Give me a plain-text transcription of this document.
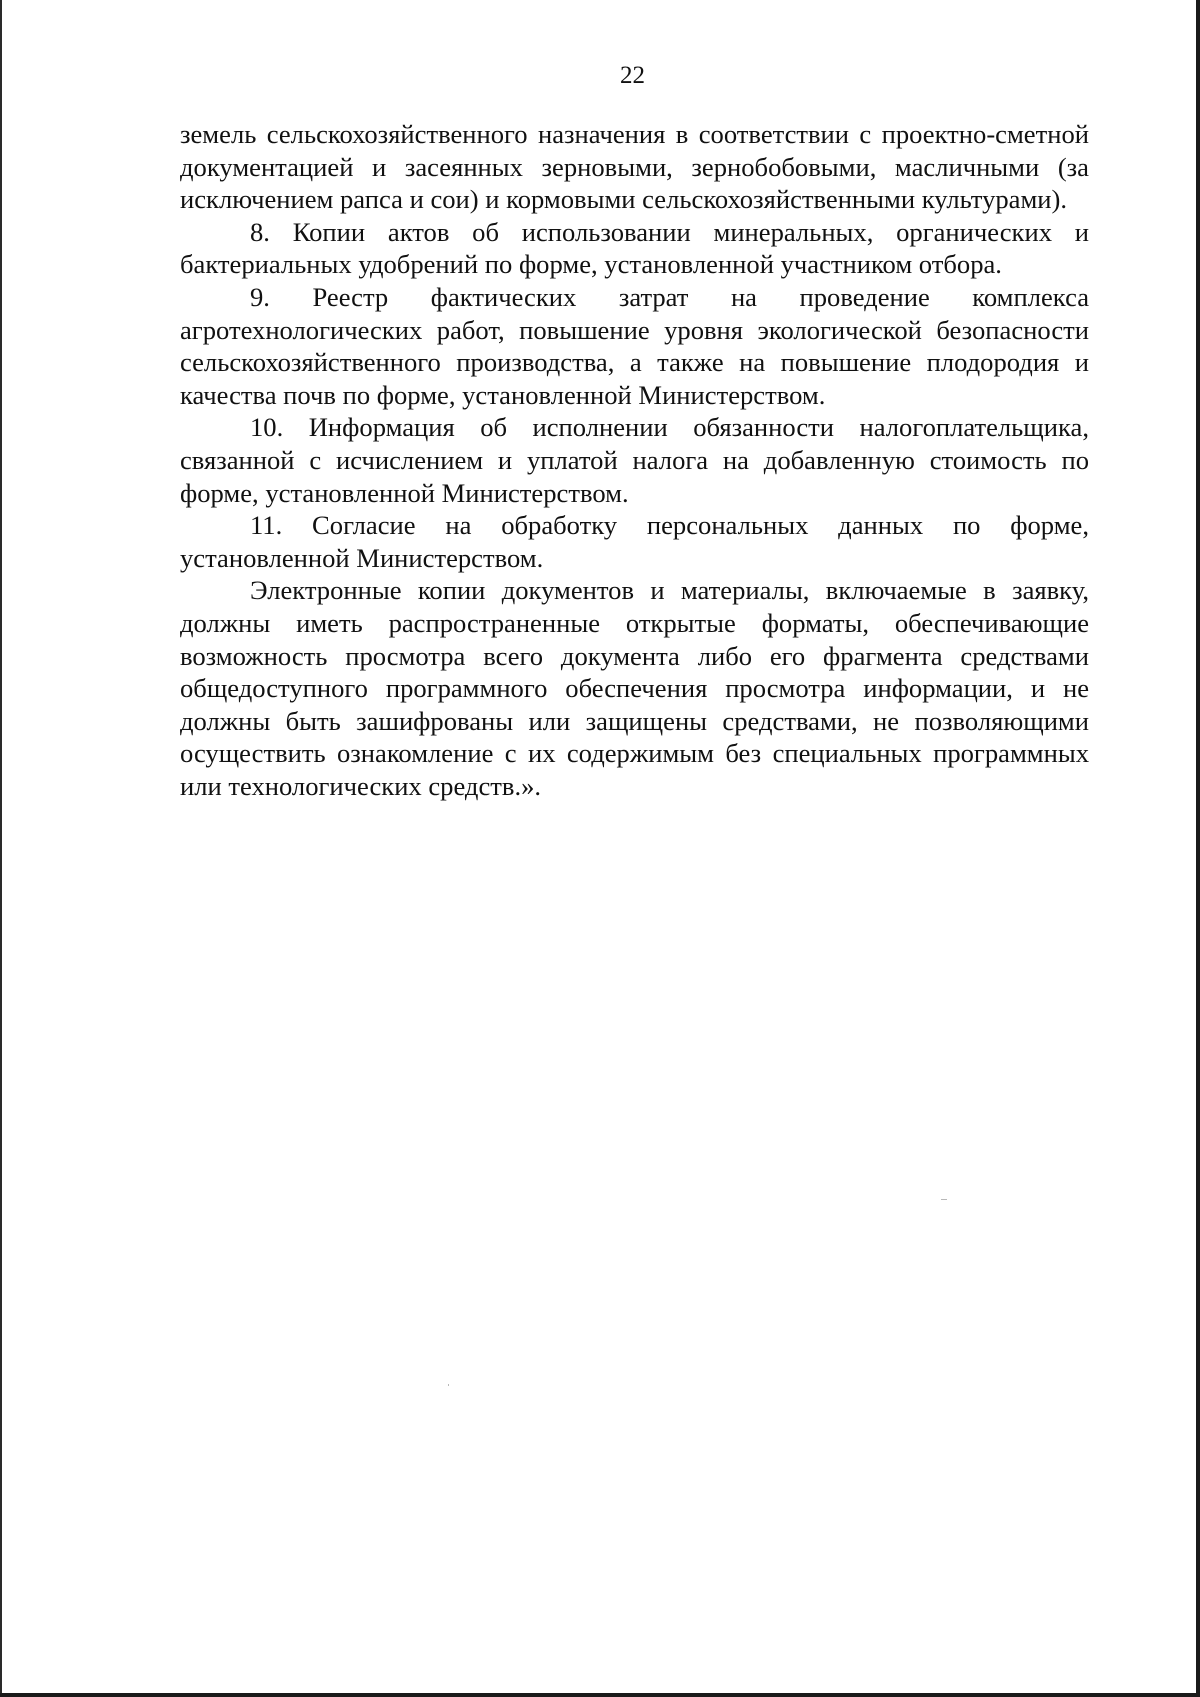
22

земель сельскохозяйственного назначения в соответствии с проектно-сметной документацией и засеянных зерновыми, зернобобовыми, масличными (за исключением рапса и сои) и кормовыми сельскохозяйственными культурами).

8. Копии актов об использовании минеральных, органических и бактериальных удобрений по форме, установленной участником отбора.

9. Реестр фактических затрат на проведение комплекса агротехнологических работ, повышение уровня экологической безопасности сельскохозяйственного производства, а также на повышение плодородия и качества почв по форме, установленной Министерством.

10. Информация об исполнении обязанности налогоплательщика, связанной с исчислением и уплатой налога на добавленную стоимость по форме, установленной Министерством.

11. Согласие на обработку персональных данных по форме, установленной Министерством.

Электронные копии документов и материалы, включаемые в заявку, должны иметь распространенные открытые форматы, обеспечивающие возможность просмотра всего документа либо его фрагмента средствами общедоступного программного обеспечения просмотра информации, и не должны быть зашифрованы или защищены средствами, не позволяющими осуществить ознакомление с их содержимым без специальных программных или технологических средств.».
